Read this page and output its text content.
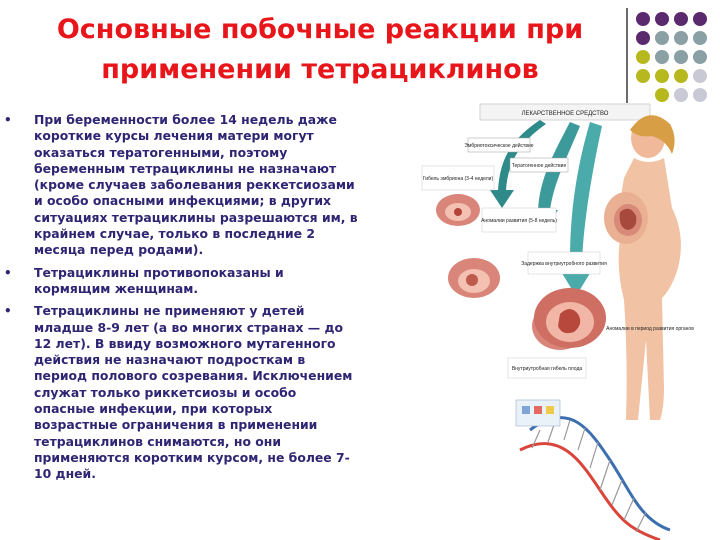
Основные побочные реакции при
применении тетрациклинов
• При беременности более 14 недель даже короткие курсы лечения матери могут оказаться тератогенными, поэтому беременным тетрациклины не назначают (кроме случаев заболевания реккетсиозами и особо опасными инфекциями; в других ситуациях тетрациклины разрешаются им, в крайнем случае, только в последние 2 месяца перед родами).
• Тетрациклины противопоказаны и кормящим женщинам.
• Тетрациклины не применяют у детей младше 8-9 лет (а во многих странах — до 12 лет). В ввиду возможного мутагенного действия не назначают подросткам в период полового созревания. Исключением служат только риккетсиозы и особо опасные инфекции, при которых возрастные ограничения в применении тетрациклинов снимаются, но они применяются коротким курсом, не более 7-10 дней.
ЛЕКАРСТВЕННОЕ СРЕДСТВО
Эмбриотоксическое действие
Тератогенное действие
Гибель эмбриона (3-4 недели)
Аномалии развития (5-8 недель)
Задержка внутриутробного развития
Внутриутробная гибель плода
Аномалии в период развития органов
